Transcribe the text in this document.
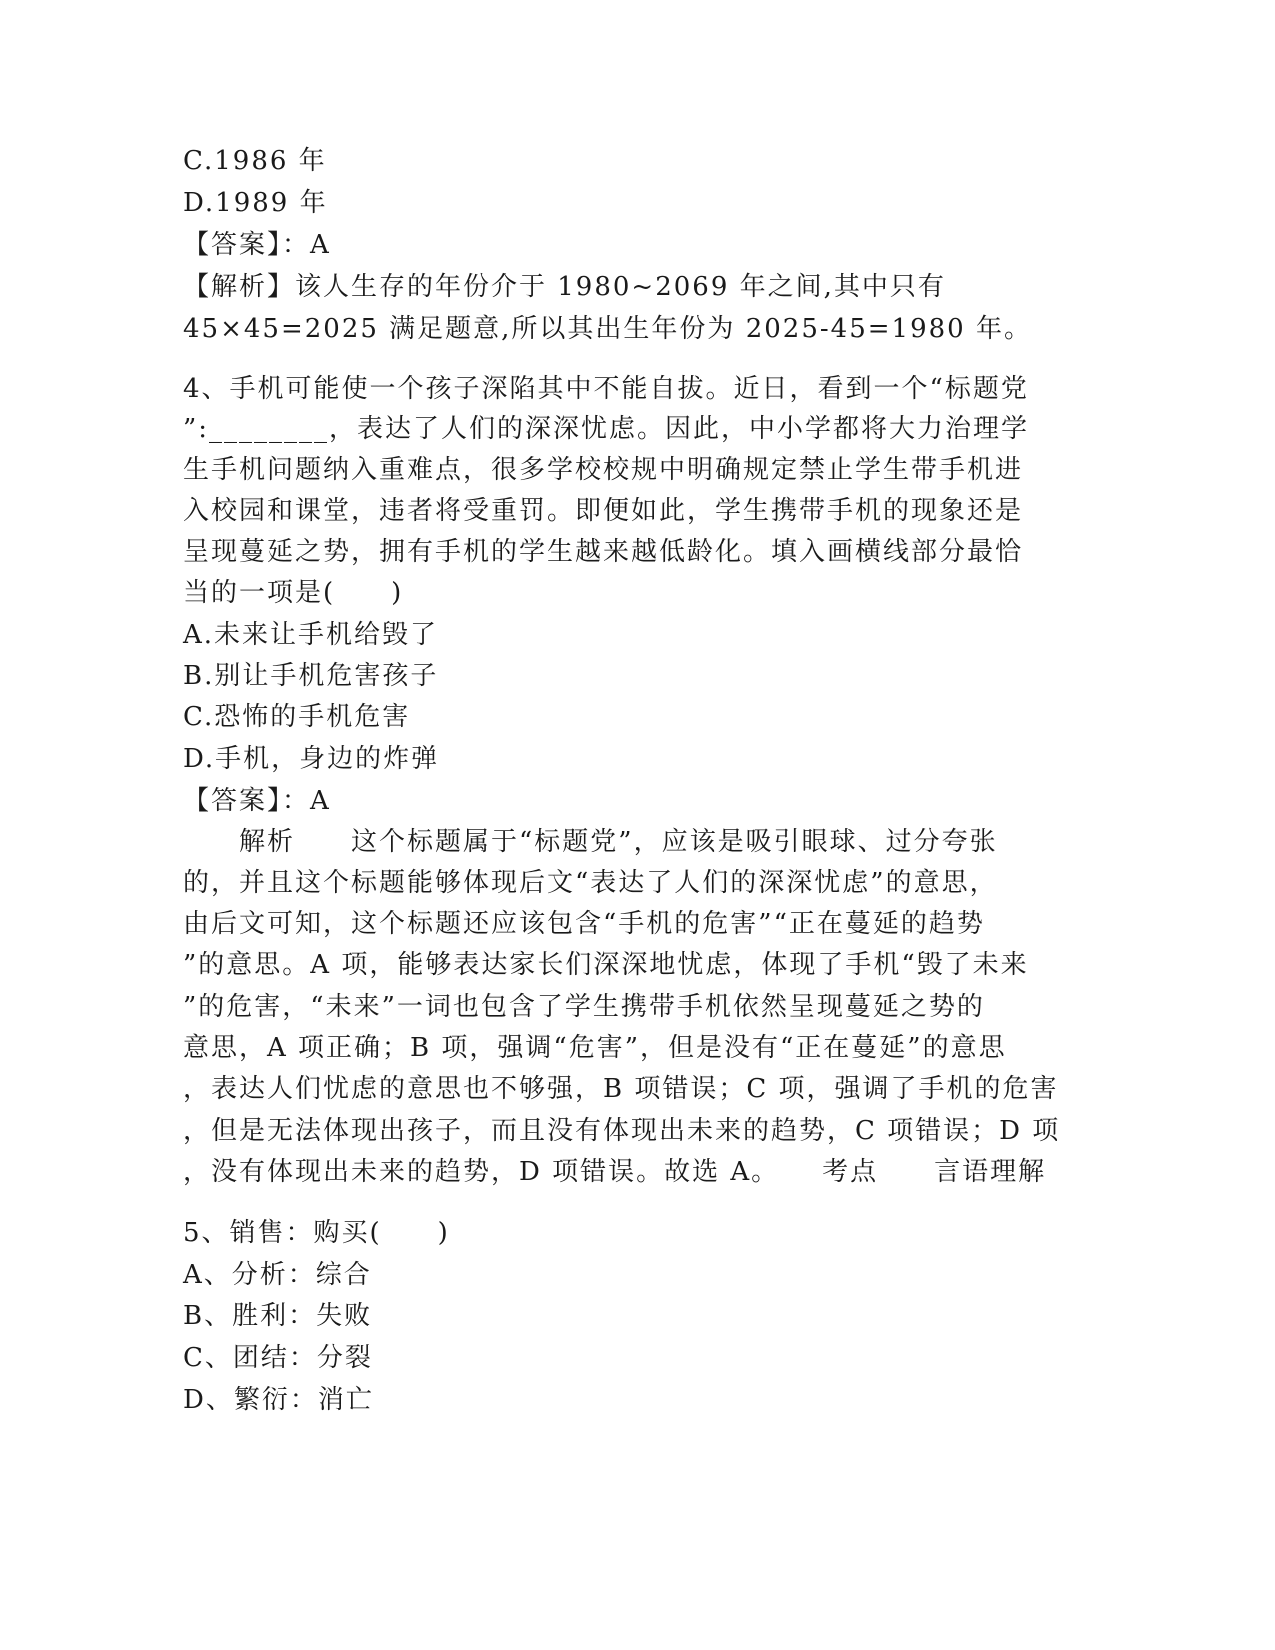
C.1986 年
D.1989 年
【答案】：A
【解析】该人生存的年份介于 1980~2069 年之间,其中只有
45×45=2025 满足题意,所以其出生年份为 2025-45=1980 年。
4、手机可能使一个孩子深陷其中不能自拔。近日，看到一个“标题党
”:________，表达了人们的深深忧虑。因此，中小学都将大力治理学
生手机问题纳入重难点，很多学校校规中明确规定禁止学生带手机进
入校园和课堂，违者将受重罚。即便如此，学生携带手机的现象还是
呈现蔓延之势，拥有手机的学生越来越低龄化。填入画横线部分最恰
当的一项是(　　)
A.未来让手机给毁了
B.别让手机危害孩子
C.恐怖的手机危害
D.手机，身边的炸弹
【答案】：A
　　解析　　这个标题属于“标题党”，应该是吸引眼球、过分夸张
的，并且这个标题能够体现后文“表达了人们的深深忧虑”的意思，
由后文可知，这个标题还应该包含“手机的危害”“正在蔓延的趋势
”的意思。A 项，能够表达家长们深深地忧虑，体现了手机“毁了未来
”的危害，“未来”一词也包含了学生携带手机依然呈现蔓延之势的
意思，A 项正确；B 项，强调“危害”，但是没有“正在蔓延”的意思
，表达人们忧虑的意思也不够强，B 项错误；C 项，强调了手机的危害
，但是无法体现出孩子，而且没有体现出未来的趋势，C 项错误；D 项
，没有体现出未来的趋势，D 项错误。故选 A。　　考点　　言语理解
5、销售：购买(　　)
A、分析：综合
B、胜利：失败
C、团结：分裂
D、繁衍：消亡
